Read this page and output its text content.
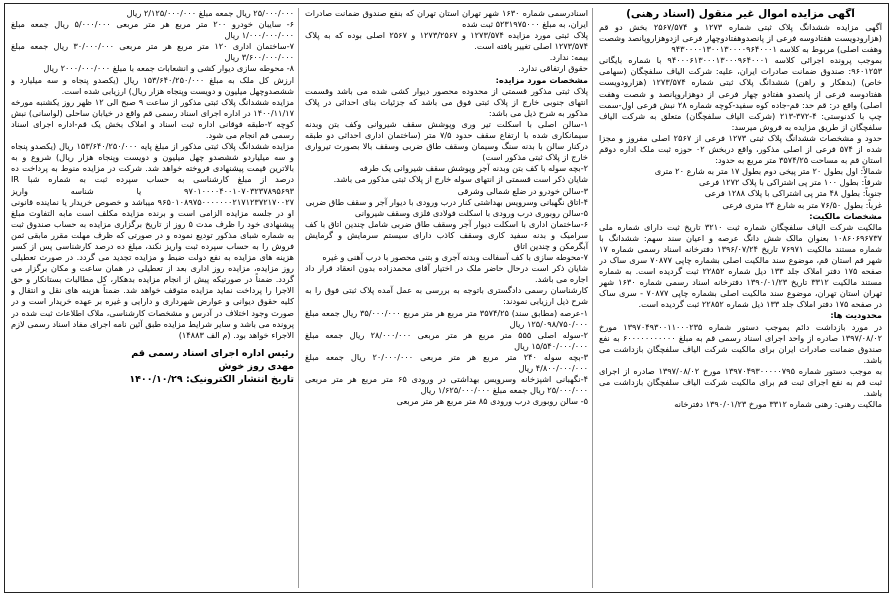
آگهی مزایده اموال غیر منقول (اسناد رهنی)

آگهی مزایده ششدانگ پلاک ثبتی شماره ۱۲۷۳ و ۲۵۶۷/۵۷۴ بخش دو قم (هزارودویست هفتادوسه فرعی از پانصدوهفتادوچهار فرعی ازدوهزاروپانصد وشصت وهفت اصلی) مربوط به کلاسه ۹۴۳۰۰۰۰۱۳۰۰۱۳۰۰۰۰۹۶۴۰۰۰۱

بموجب پرونده اجرائی کلاسه ۹۴۰۰۰۶۱۳۰۰۰۱۳۰۰۰۹۶۴۰۰۰۱ با شماره بایگانی ۹۶۰۱۲۵۳: صندوق ضمانت صادرات ایران، علیه: شرکت الیاف سلفچگان (سهامی خاص) (بدهکار و راهن) ششدانگ پلاک ثبتی شماره ۱۲۷۳/۵۷۴ (هزارودویست هفتادوسه فرعی از پانصدو هفتادو چهار فرعی از دوهزاروپانصد و شصت وهفت اصلی) واقع در: قم حد: قم-جاده کوه سفید-کوچه شماره ۲۸ نبش فرعی اول-سمت چپ با کدنوستی: ۴-۳۷۲-۲۱۳ (شرکت الیاف سلفچگان) متعلق به شرکت الیاف سلفچگان از طریق مزایده به فروش میرسد:

حدود و مشخصات ششدانگ پلاک ثبتی ۱۲۷۳ فرعی از ۲۵۶۷ اصلی مفروز و مجزا شده از ۵۷۴ فرعی از اصلی مذکور، واقع دربخش ۰۲ حوزه ثبت ملک اداره دوقم استان قم به مساحت ۳۵۷۴/۲۵ متر مربع به حدود:

شمالاً: اول بطول ۲۰ متر پیخی دوم بطول ۱۷ متر به شارع ۲۰ متری

شرقاً: بطول ۱۰۰ متر پی اشتراکی با پلاک ۱۲۷۲ فرعی

جنوباً: بطول ۴۸ متر پی اشتراکی با پلاک ۱۲۸۸ فرعی

غرباً: بطول ۷۶/۵۰ متر به شارع ۲۴ متری فرعی

مشخصات مالکیت:

مالکیت شرکت الیاف سلفچگان شماره ثبت ۳۲۱۰ تاریخ ثبت دارای شماره ملی ۱۰۸۶۰۶۹۶۷۳۷ بعنوان مالک شش دانگ عرصه و اعیان سند سهم: ششدانگ با شماره مستند مالکیت ۷۶۹۷۱ تاریخ ۱۳۹۶/۰۷/۲۴ دفترخانه اسناد رسمی شماره ۱۷ شهر قم استان قم، موضوع سند مالکیت اصلی بشماره چاپی ۷۰۸۷۷ سری ساک در صفحه ۱۷۵ دفتر املاک جلد ۱۳۳ دیل شماره ۲۲۸۵۲ ثبت گردیده است. به شماره مستند مالکیت ۳۳۱۲ تاریخ ۱۳۹۰/۰۱/۲۳ دفترخانه اسناد رسمی شماره ۱۶۳۰ شهر تهران استان تهران، موضوع سند مالکیت اصلی بشماره چاپی ۷۰۸۷۷ - سری ساک در صفحه ۱۷۵ دفتر املاک جلد ۱۳۳ ذیل شماره ۲۲۸۵۲ ثبت گردیده است.

محدودیت ها:

در مورد بازداشت دائم بموجب دستور شماره ۱۳۹۷۰۴۹۳۰۰۱۱۰۰۰۲۳۵ مورخ ۱۳۹۷/۰۸/۰۲ صادره از واحد اجرای اسناد رسمی قم به مبلغ ۶۰۰۰۰۰۰۰۰۰۰۰ به نفع صندوق ضمانت صادرات ایران برای مالکیت شرکت الیاف سلفچگان بازداشت می باشد.

به موجب دستور شماره ۱۳۹۷۰۴۹۳۰۰۰۰۰۷۹۵ مورخ ۱۳۹۷/۰۸/۰۲ صادره از اجرای ثبت قم به نفع اجرای ثبت قم برای مالکیت شرکت الیاف سلفچگان بازداشت می باشد.

مالکیت رهنی: رهنی شماره ۳۳۱۲ مورخ ۱۳۹۰/۰۱/۲۳ دفترخانه

اسنادرسمی شماره ۱۶۳۰ شهر تهران استان تهران که بنفع صندوق ضمانت صادرات ایران، به مبلغ ۵۲۳۱۹۷۵۰۰۰ ثبت شده

پلاک ثبتی مورد مزایده ۱۲۷۳/۵۷۴ و ۱۲۷۳/۲۵۶۷ و ۲۵۶۷ اصلی بوده که به پلاک ۱۲۷۳/۵۷۴ اصلی تغییر یافته است.

بیمه: ندارد.

حقوق ارتفاقی ندارد.

مشخصات مورد مزایده:

پلاک ثبتی مذکور قسمتی از محدوده محصور دیوار کشی شده می باشد وقسمت انتهای جنوبی خارج از پلاک ثبتی فوق می باشد که جزئیات بنای احداثی در پلاک مذکور به شرح ذیل می باشد:

۱-سالن اصلی با اسکلت تیر وری وپوشش سقف شیروانی وکف بتن وبدنه سیمانکاری شده با ارتفاع سقف حدود ۷/۵ متر (ساختمان اداری احداثی دو طبقه درکنار سالن با بدنه سنگ وسیمان وسقف طاق ضربی وسقف بالا بصورت تیرواری خارج از پلاک ثبتی مذکور است)

۲-بچه سوله با کف بتن وبدنه آجر وپوشش سقف شیروانی یک طرفه

شایان ذکر است قسمتی از انتهای سوله خارج از پلاک ثبتی مذکور می باشد.

۳-سالن خودرو در ضلع شمالی وشرقی

۴-اتاق نگهبانی وسرویس بهداشتی کنار درب ورودی با دیوار آجر و سقف طاق ضربی

۵-سالن روبوری درب ورودی با اسکلت فولادی فلزی وسقف شیروانی

۶-ساختمان اداری با اسکلت دیوار آجر وسقف طاق ضربی شامل چندین اتاق با کف سرامیک و بدنه سفید کاری وسقف کاذب دارای سیستم سرمایش و گرمایش آبگرمکن و چندین اتاق

۷-محوطه سازی با کف آسفالت وبدنه آجری و بتنی محصور با درب آهنی و غیره

شایان ذکر است درحال حاضر ملک در اختیار آقای محمدزاده بدون انعقاد قرار داد اجاره می باشد.

کارشناسان رسمی دادگستری باتوجه به بررسی به عمل آمده پلاک ثبتی فوق را به شرح ذیل ارزیابی نمودند:

۱-عرصه (مطابق سند) ۳۵۷۴/۲۵ متر مربع هر متر مربع ۳۵/۰۰۰/۰۰۰ ریال جمعه مبلغ ۱۲۵/۰۹۸/۷۵۰/۰۰۰ ریال

۲-سوله اصلی ۵۵۵ متر مربع هر متر مربعی ۲۸/۰۰۰/۰۰۰ ریال جمعه مبلغ ۱۵/۵۴۰/۰۰۰/۰۰۰ ریال

۳-بچه سوله ۲۴۰ متر مربع هر متر مربعی ۲۰/۰۰۰/۰۰۰ ریال جمعه مبلغ ۴/۸۰۰/۰۰۰/۰۰۰ ریال

۴-نگهبانی اشپزخانه وسرویس بهداشتی در ورودی ۶۵ متر مربع هر متر مربعی ۲۵/۰۰۰/۰۰۰ ریال جمعه مبلغ ۱/۶۲۵/۰۰۰/۰۰۰ ریال

۵- سالن روبوری درب ورودی ۸۵ متر مربع هر متر مربعی

۲۵/۰۰۰/۰۰۰ ریال جمعه مبلغ ۲/۱۲۵/۰۰۰/۰۰۰ ریال

۶- سایبان خودرو ۲۰۰ متر مربع هر متر مربعی ۵/۰۰۰/۰۰۰ ریال جمعه مبلغ ۱/۰۰۰/۰۰۰/۰۰۰ ریال

۷-ساختمان اداری ۱۲۰ متر مربع هر متر مربعی ۳۰/۰۰۰/۰۰۰ ریال جمعه مبلغ ۳/۶۰۰/۰۰۰/۰۰۰ ریال

۸- محوطه سازی دیوار کشی و انشعابات جمعه با مبلغ ۲۰۰۰/۰۰۰/۰۰۰ ریال

ارزش کل ملک به مبلغ ۱۵۳/۶۴۰/۲۵۰/۰۰۰ ریال (یکصدو پنجاه و سه میلیارد و ششصدوچهل میلیون و دویست وپنجاه هزار ریال) ارزیابی شده است.

مزایده ششدانگ پلاک ثبتی مذکور از ساعت ۹ صبح الی ۱۲ ظهر روز یکشنبه مورخه ۱۴۰۰/۱۱/۱۷ در اداره اجرای اسناد رسمی قم واقع در خیابان ساحلی (لواسانی) نبش کوچه ۲-طبقه فوقانی اداره ثبت اسناد و املاک بخش یک قم-اداره اجرای اسناد رسمی قم انجام می شود.

مزایده ششدانگ پلاک ثبتی مذکور از مبلغ پایه ۱۵۳/۶۴۰/۲۵۰/۰۰۰ ریال (یکصدو پنجاه و سه میلیاردو ششصدو چهل میلیون و دویست وپنجاه هزار ریال) شروع و به بالاترین قیمت پیشنهادی فروخته خواهد شد. شرکت در مزایده منوط به پرداخت ده درصد از مبلغ کارشناسی به حساب سپرده ثبت به شماره شبا IR ۹۷۰۱۰۰۰۰۴۰۰۱۰۷۰۳۲۳۷۸۹۵۶۹۳ یا شناسه واریز ۹۶۵۰۱۰۸۹۷۵۰۰۰۰۰۰۰۲۱۷۱۲۳۷۲۱۷۰۰۲۷ میباشد و خصوص خریدار یا نماینده قانونی او در جلسه مزایده الزامی است و برنده مزایده مکلف است مابه التفاوت مبلغ پیشنهادی خود را ظرف مدت ۵ روز از تاریخ برگزاری مزایده به حساب صندوق ثبت به شماره شبای مذکور تودیع نموده و در صورتی که ظرف مهلت مقرر مابقی ثمن فروش را به حساب سپرده ثبت واریز نکند، مبلغ ده درصد کارشناسی پس از کسر هزینه های مزایده به نفع دولت ضبط و مزایده تجدید می گردد. در صورت تعطیلی روز مزایده، مزایده روز اداری بعد از تعطیلی در همان ساعت و مکان برگزار می گردد. ضمناً در صورتیکه پیش از انجام مزایده بدهکار، کل مطالبات بستانکار و حق الاجرا را پرداخت نماید مزایده متوقف خواهد شد. ضمناً هزینه های نقل و انتقال و کلیه حقوق دیوانی و عوارض شهرداری و دارایی و غیره بر عهده خریدار است و در صورت وجود اختلاف در آدرس و مشخصات کارشناسی، ملاک اطلاعات ثبت شده در پرونده می باشد و سایر شرایط مزایده طبق آئین نامه اجرای مفاد اسناد رسمی لازم الاجراء خواهد بود. (م الف ۱۴۸۸۳)

رئیس اداره اجرای اسناد رسمی قم
مهدی روز خوش
تاریخ انتشار الکترونیک: ۱۴۰۰/۱۰/۲۹
